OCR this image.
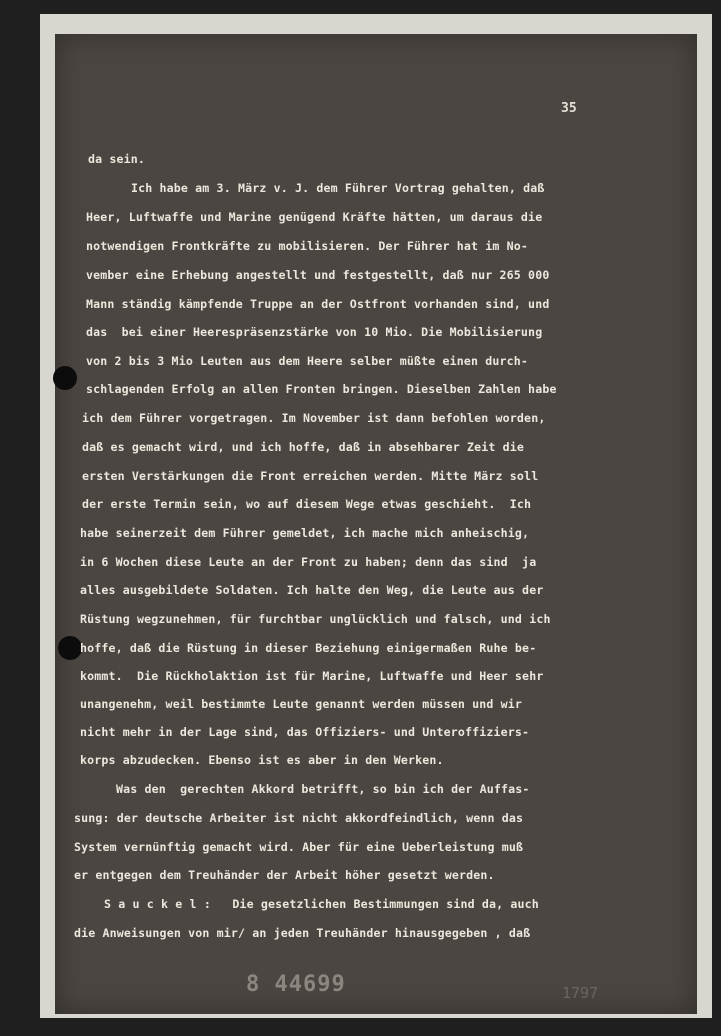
35
da sein.
Ich habe am 3. März v. J. dem Führer Vortrag gehalten, daß
Heer, Luftwaffe und Marine genügend Kräfte hätten, um daraus die
notwendigen Frontkräfte zu mobilisieren. Der Führer hat im No-
vember eine Erhebung angestellt und festgestellt, daß nur 265 000
Mann ständig kämpfende Truppe an der Ostfront vorhanden sind, und
das  bei einer Heerespräsenzstärke von 10 Mio. Die Mobilisierung
von 2 bis 3 Mio Leuten aus dem Heere selber müßte einen durch-
schlagenden Erfolg an allen Fronten bringen. Dieselben Zahlen habe
ich dem Führer vorgetragen. Im November ist dann befohlen worden,
daß es gemacht wird, und ich hoffe, daß in absehbarer Zeit die
ersten Verstärkungen die Front erreichen werden. Mitte März soll
der erste Termin sein, wo auf diesem Wege etwas geschieht.  Ich
habe seinerzeit dem Führer gemeldet, ich mache mich anheischig,
in 6 Wochen diese Leute an der Front zu haben; denn das sind  ja
alles ausgebildete Soldaten. Ich halte den Weg, die Leute aus der
Rüstung wegzunehmen, für furchtbar unglücklich und falsch, und ich
hoffe, daß die Rüstung in dieser Beziehung einigermaßen Ruhe be-
kommt.  Die Rückholaktion ist für Marine, Luftwaffe und Heer sehr
unangenehm, weil bestimmte Leute genannt werden müssen und wir
nicht mehr in der Lage sind, das Offiziers- und Unteroffiziers-
korps abzudecken. Ebenso ist es aber in den Werken.
Was den  gerechten Akkord betrifft, so bin ich der Auffas-
sung: der deutsche Arbeiter ist nicht akkordfeindlich, wenn das
System vernünftig gemacht wird. Aber für eine Ueberleistung muß
er entgegen dem Treuhänder der Arbeit höher gesetzt werden.
S a u c k e l :   Die gesetzlichen Bestimmungen sind da, auch
die Anweisungen von mir/ an jeden Treuhänder hinausgegeben , daß
8 44699	1797
